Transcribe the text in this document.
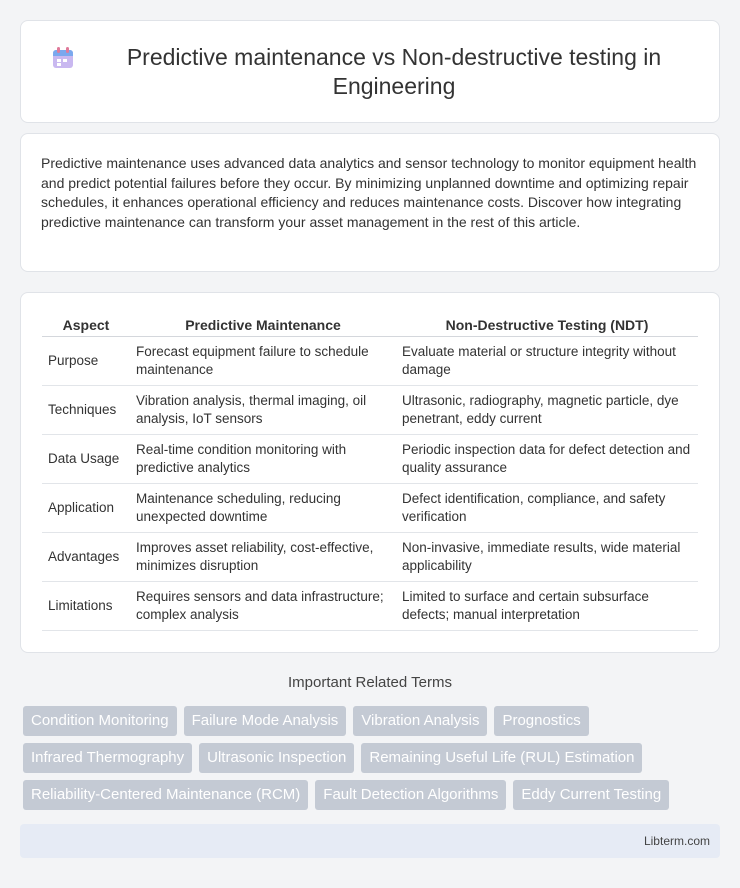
Predictive maintenance vs Non-destructive testing in Engineering

Predictive maintenance uses advanced data analytics and sensor technology to monitor equipment health and predict potential failures before they occur. By minimizing unplanned downtime and optimizing repair schedules, it enhances operational efficiency and reduces maintenance costs. Discover how integrating predictive maintenance can transform your asset management in the rest of this article.

Aspect	Predictive Maintenance	Non-Destructive Testing (NDT)
Purpose	Forecast equipment failure to schedule maintenance	Evaluate material or structure integrity without damage
Techniques	Vibration analysis, thermal imaging, oil analysis, IoT sensors	Ultrasonic, radiography, magnetic particle, dye penetrant, eddy current
Data Usage	Real-time condition monitoring with predictive analytics	Periodic inspection data for defect detection and quality assurance
Application	Maintenance scheduling, reducing unexpected downtime	Defect identification, compliance, and safety verification
Advantages	Improves asset reliability, cost-effective, minimizes disruption	Non-invasive, immediate results, wide material applicability
Limitations	Requires sensors and data infrastructure; complex analysis	Limited to surface and certain subsurface defects; manual interpretation
Important Related Terms
Condition Monitoring	Failure Mode Analysis	Vibration Analysis	Prognostics
Infrared Thermography	Ultrasonic Inspection	Remaining Useful Life (RUL) Estimation
Reliability-Centered Maintenance (RCM)	Fault Detection Algorithms	Eddy Current Testing
Libterm.com
